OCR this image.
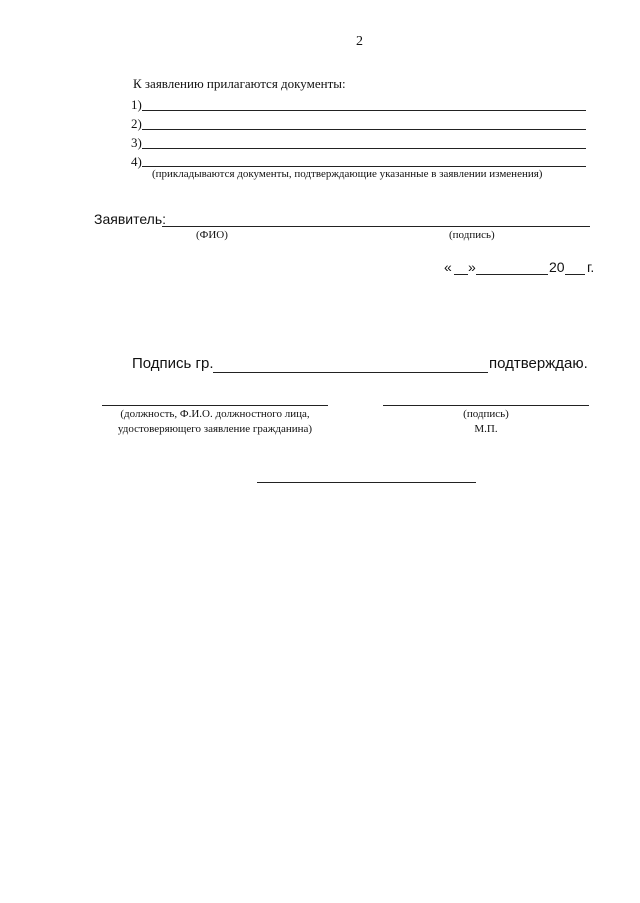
2
К заявлению прилагаются документы:
1)
2)
3)
4)
(прикладываются документы, подтверждающие указанные в заявлении изменения)
Заявитель:
(ФИО)	(подпись)
« »	20 г.
Подпись гр.	подтверждаю.
(должность, Ф.И.О. должностного лица,
удостоверяющего заявление гражданина)
(подпись)
М.П.
